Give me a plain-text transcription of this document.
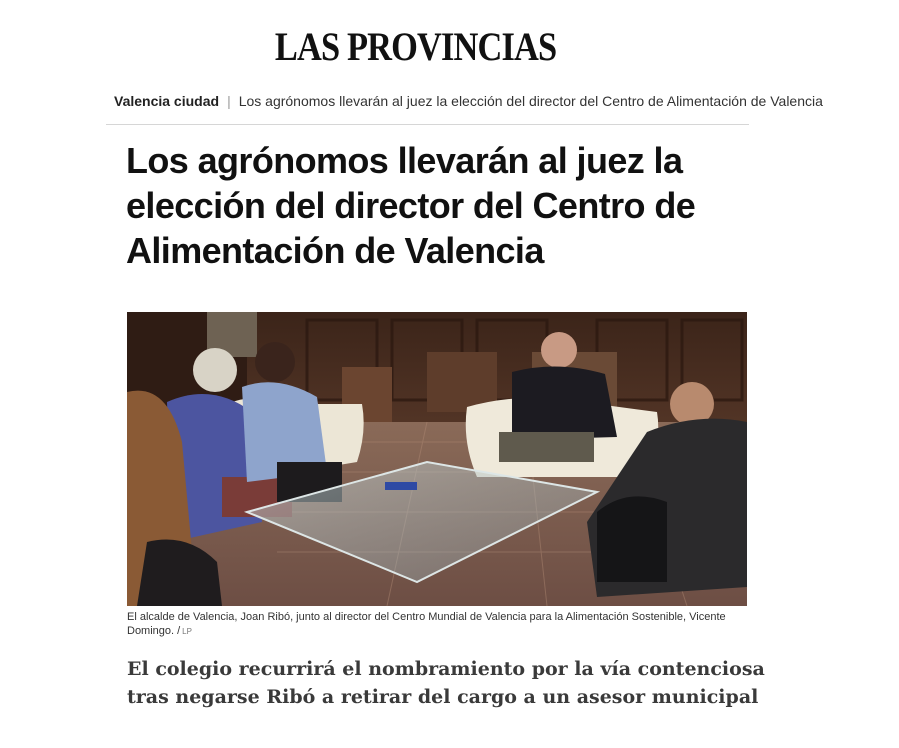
LAS PROVINCIAS
Valencia ciudad | Los agrónomos llevarán al juez la elección del director del Centro de Alimentación de Valencia
Los agrónomos llevarán al juez la elección del director del Centro de Alimentación de Valencia
El alcalde de Valencia, Joan Ribó, junto al director del Centro Mundial de Valencia para la Alimentación Sostenible, Vicente Domingo. / LP
El colegio recurrirá el nombramiento por la vía contenciosa tras negarse Ribó a retirar del cargo a un asesor municipal
